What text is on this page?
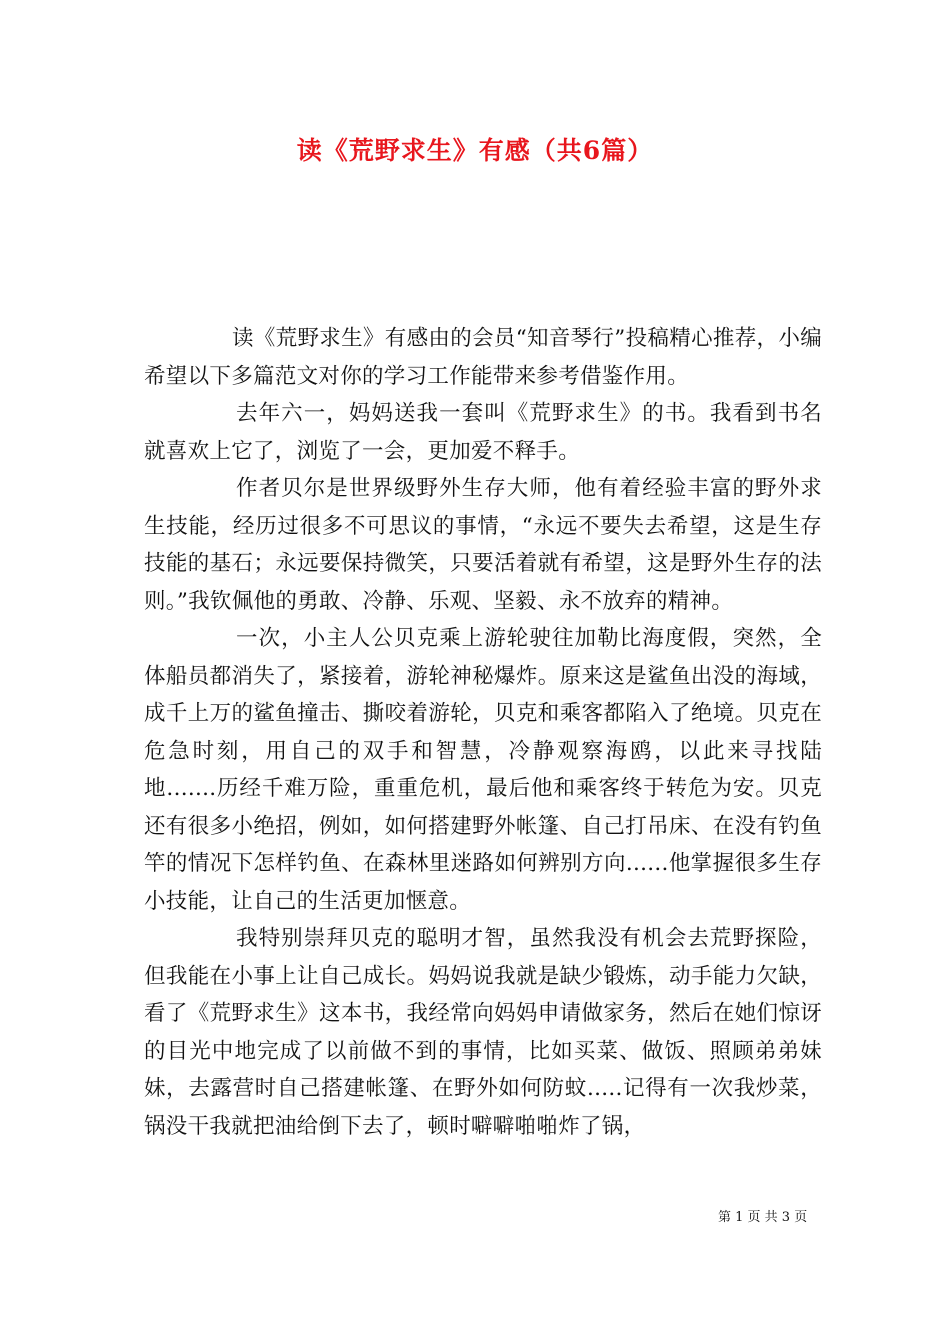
读《荒野求生》有感（共6篇）

读《荒野求生》有感由的会员“知音琴行”投稿精心推荐，小编希望以下多篇范文对你的学习工作能带来参考借鉴作用。

去年六一，妈妈送我一套叫《荒野求生》的书。我看到书名就喜欢上它了，浏览了一会，更加爱不释手。

作者贝尔是世界级野外生存大师，他有着经验丰富的野外求生技能，经历过很多不可思议的事情，“永远不要失去希望，这是生存技能的基石；永远要保持微笑，只要活着就有希望，这是野外生存的法则。”我钦佩他的勇敢、冷静、乐观、坚毅、永不放弃的精神。

一次，小主人公贝克乘上游轮驶往加勒比海度假，突然，全体船员都消失了，紧接着，游轮神秘爆炸。原来这是鲨鱼出没的海域，成千上万的鲨鱼撞击、撕咬着游轮，贝克和乘客都陷入了绝境。贝克在危急时刻，用自己的双手和智慧，冷静观察海鸥，以此来寻找陆地.......历经千难万险，重重危机，最后他和乘客终于转危为安。贝克还有很多小绝招，例如，如何搭建野外帐篷、自己打吊床、在没有钓鱼竿的情况下怎样钓鱼、在森林里迷路如何辨别方向......他掌握很多生存小技能，让自己的生活更加惬意。

我特别崇拜贝克的聪明才智，虽然我没有机会去荒野探险，但我能在小事上让自己成长。妈妈说我就是缺少锻炼，动手能力欠缺，看了《荒野求生》这本书，我经常向妈妈申请做家务，然后在她们惊讶的目光中地完成了以前做不到的事情，比如买菜、做饭、照顾弟弟妹妹，去露营时自己搭建帐篷、在野外如何防蚊.....记得有一次我炒菜，锅没干我就把油给倒下去了，顿时噼噼啪啪炸了锅，

第 1 页 共 3 页
